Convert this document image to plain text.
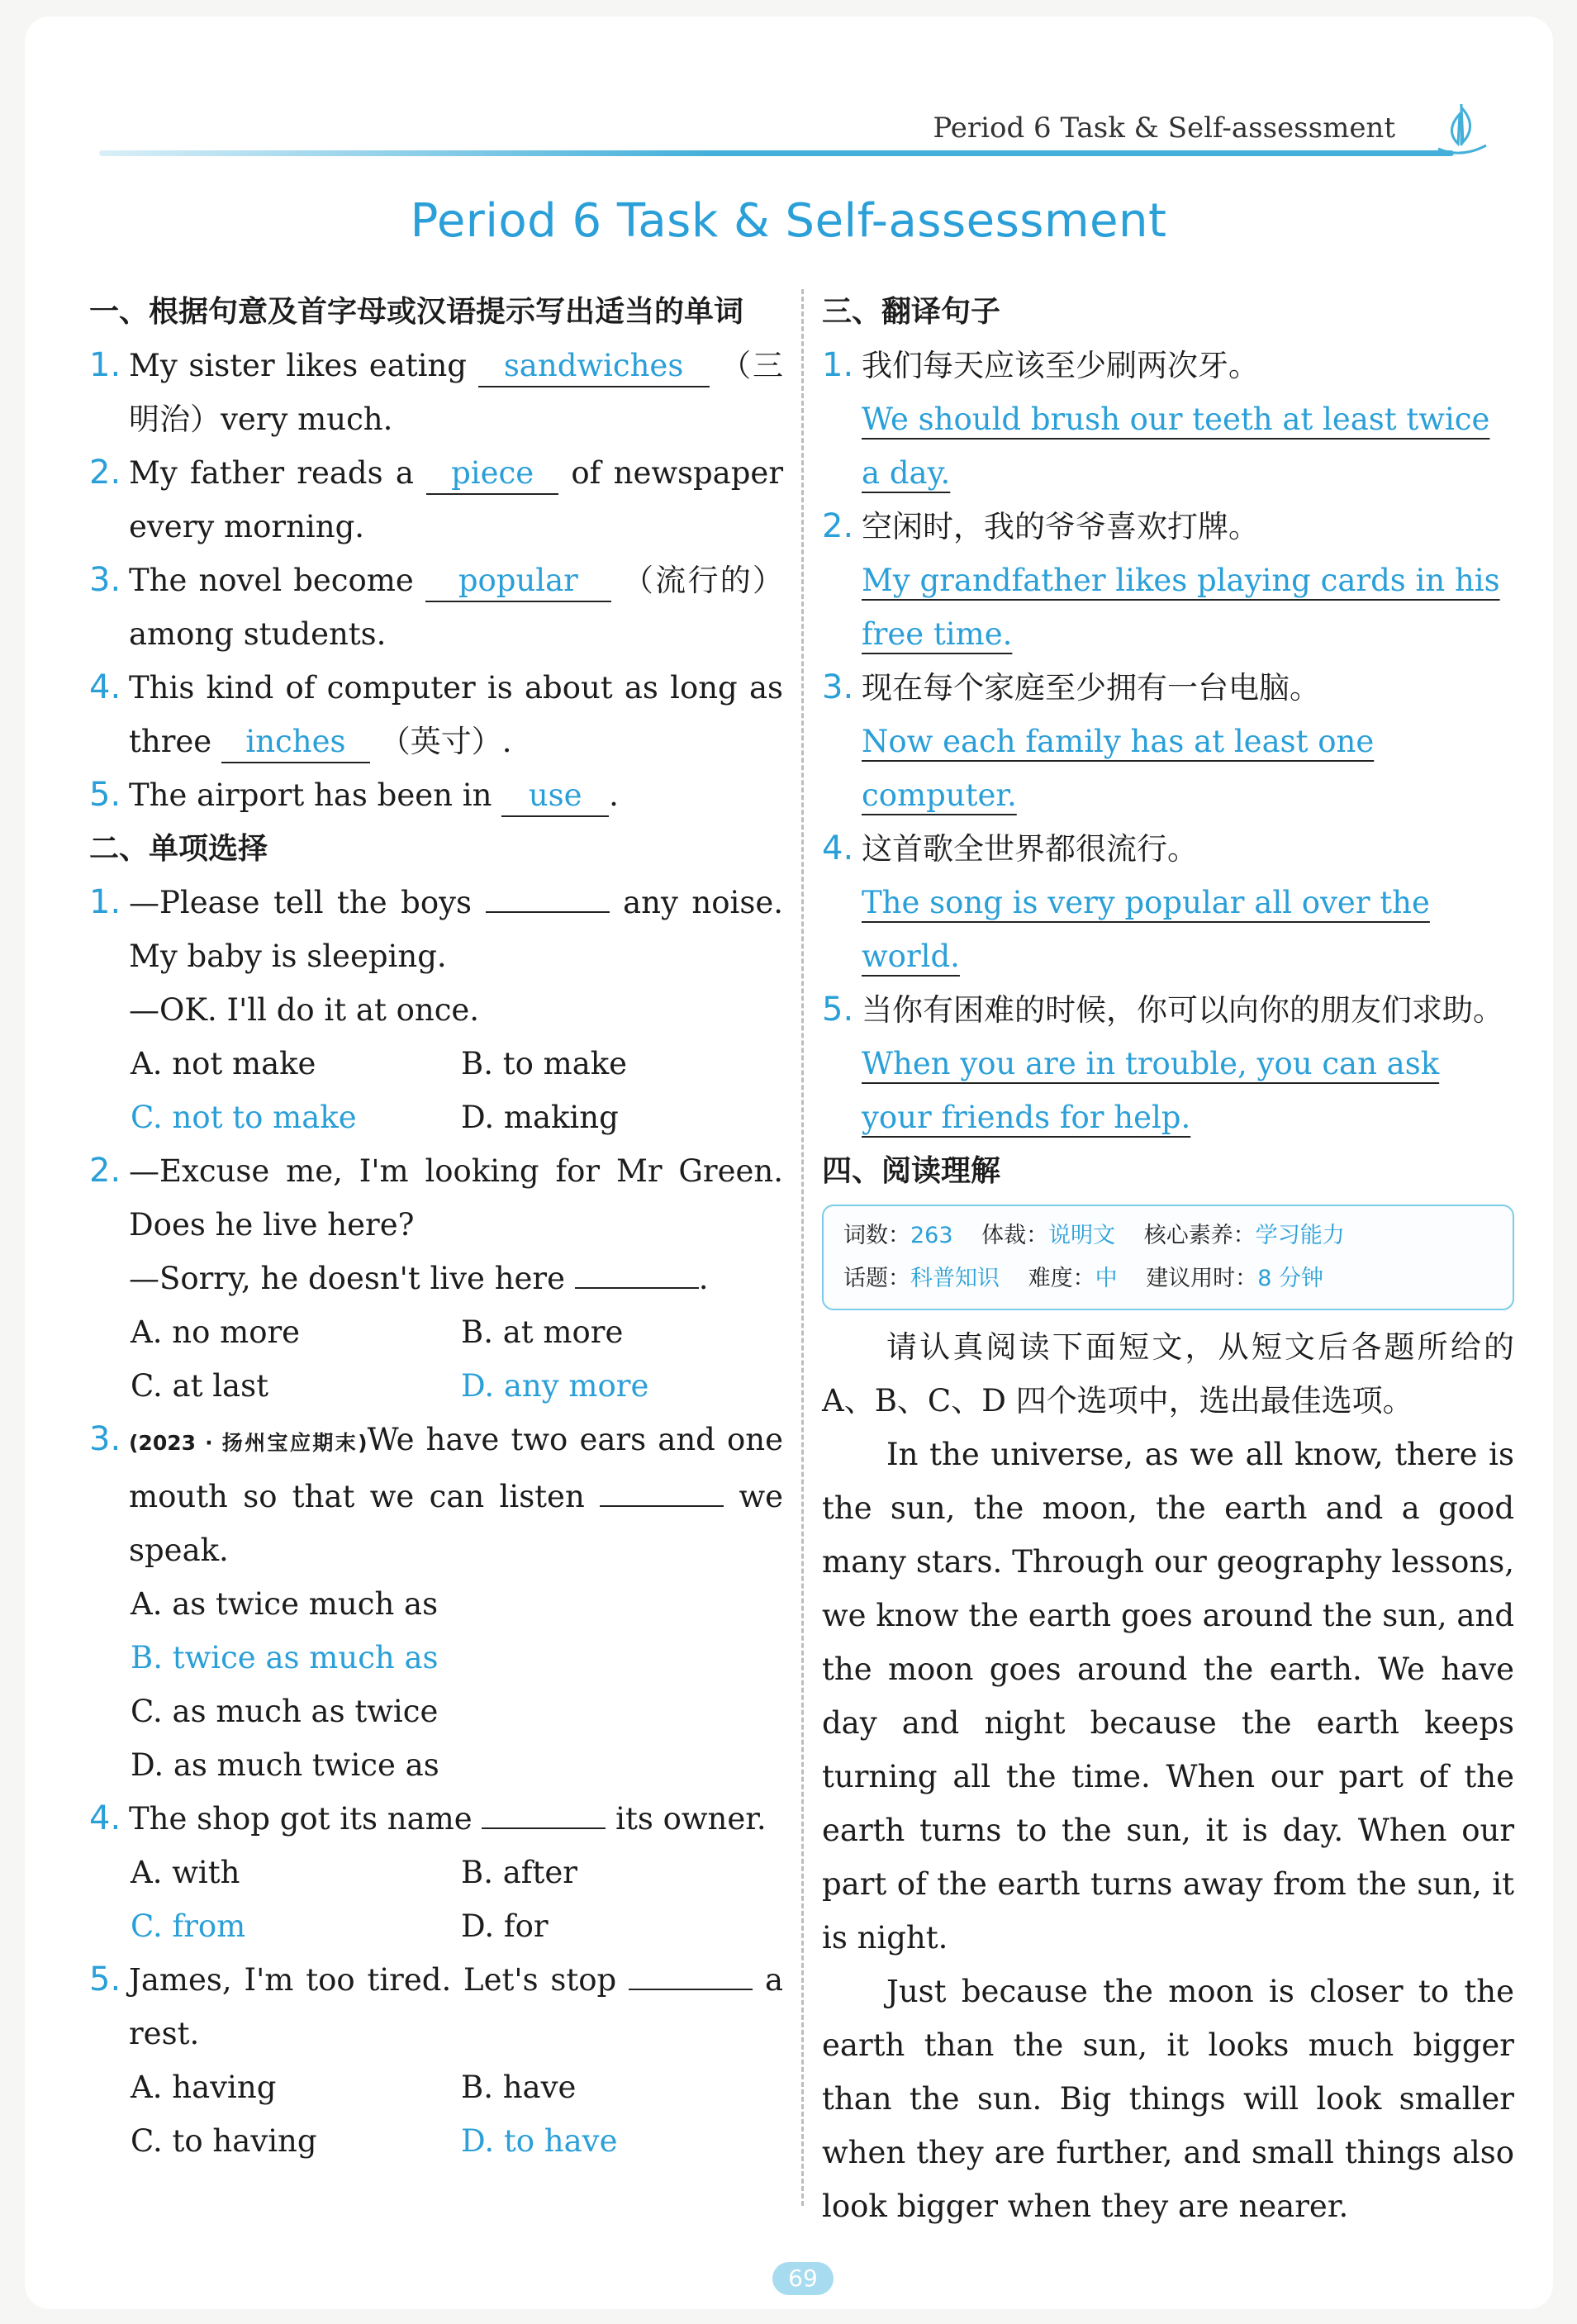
Period 6 Task & Self-assessment
Period 6 Task & Self-assessment
一、根据句意及首字母或汉语提示写出适当的单词
1. My sister likes eating sandwiches （三明治）very much.
2. My father reads a piece of newspaper every morning.
3. The novel become popular （流行的）among students.
4. This kind of computer is about as long as three inches （英寸）.
5. The airport has been in use .
二、单项选择
1. —Please tell the boys	any noise. My baby is sleeping.
—OK. I'll do it at once.
A. not make	B. to make
C. not to make	D. making
2. —Excuse me, I'm looking for Mr Green. Does he live here?
—Sorry, he doesn't live here	.
A. no more	B. at more
C. at last	D. any more
3. (2023 · 扬州宝应期末)We have two ears and one mouth so that we can listen	we speak.
A. as twice much as
B. twice as much as
C. as much as twice
D. as much twice as
4. The shop got its name	its owner.
A. with	B. after
C. from	D. for
5. James, I'm too tired. Let's stop	a rest.
A. having	B. have
C. to having	D. to have
三、翻译句子
1. 我们每天应该至少刷两次牙。
We should brush our teeth at least twice a day.
2. 空闲时，我的爷爷喜欢打牌。
My grandfather likes playing cards in his free time.
3. 现在每个家庭至少拥有一台电脑。
Now each family has at least one computer.
4. 这首歌全世界都很流行。
The song is very popular all over the world.
5. 当你有困难的时候，你可以向你的朋友们求助。
When you are in trouble, you can ask your friends for help.
四、阅读理解
词数：263 体裁：说明文 核心素养：学习能力
话题：科普知识 难度：中 建议用时：8 分钟
请认真阅读下面短文，从短文后各题所给的A、B、C、D 四个选项中，选出最佳选项。
In the universe, as we all know, there is the sun, the moon, the earth and a good many stars. Through our geography lessons, we know the earth goes around the sun, and the moon goes around the earth. We have day and night because the earth keeps turning all the time. When our part of the earth turns to the sun, it is day. When our part of the earth turns away from the sun, it is night.
Just because the moon is closer to the earth than the sun, it looks much bigger than the sun. Big things will look smaller when they are further, and small things also look bigger when they are nearer.
69
